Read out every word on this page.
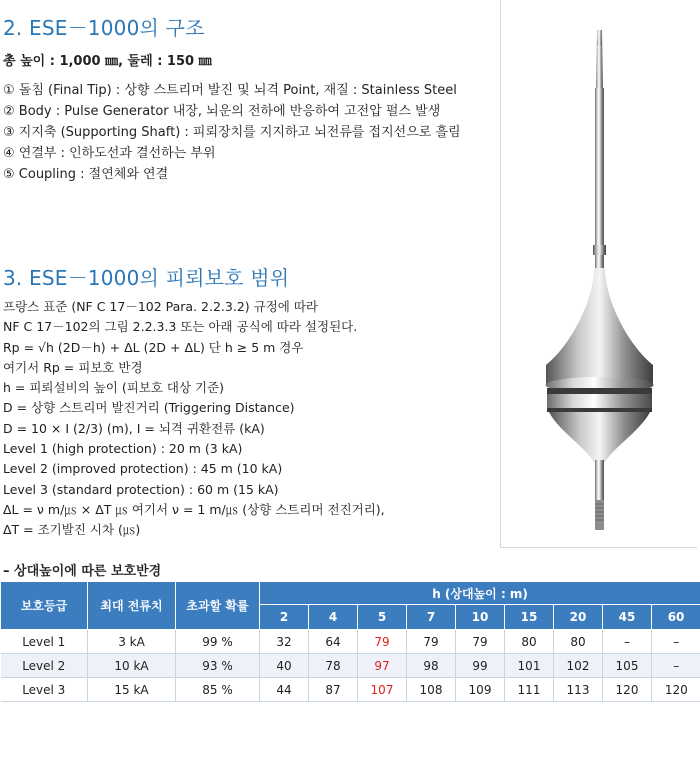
2. ESE－1000의 구조
총 높이 : 1,000 ㎜, 둘레 : 150 ㎜
① 돌침 (Final Tip) : 상향 스트리머 발진 및 뇌격 Point, 재질 : Stainless Steel
② Body : Pulse Generator 내장, 뇌운의 전하에 반응하여 고전압 펄스 발생
③ 지지축 (Supporting Shaft) : 피뢰장치를 지지하고 뇌전류를 접지선으로 흘림
④ 연결부 : 인하도선과 결선하는 부위
⑤ Coupling : 절연체와 연결
3. ESE－1000의 피뢰보호 범위
프랑스 표준 (NF C 17－102 Para. 2.2.3.2) 규정에 따라
NF C 17－102의 그림 2.2.3.3 또는 아래 공식에 따라 설정된다.
Rp = √h (2D－h) + ΔL (2D + ΔL) 단 h ≥ 5 m 경우
여기서 Rp = 피보호 반경
h = 피뢰설비의 높이 (피보호 대상 기준)
D = 상향 스트리머 발진거리 (Triggering Distance)
D = 10 × I (2/3) (m), I = 뇌격 귀환전류 (kA)
Level 1 (high protection) : 20 m (3 kA)
Level 2 (improved protection) : 45 m (10 kA)
Level 3 (standard protection) : 60 m (15 kA)
ΔL = ν m/㎲ × ΔT ㎲ 여기서 ν = 1 m/㎲ (상향 스트리머 전진거리),
ΔT = 조기발진 시차 (㎲)
– 상대높이에 따른 보호반경
보호등급	최대 전류치	초과할 확률	h (상대높이 : m)								
			2	4	5	7	10	15	20	45	60
Level 1	3 kA	99 %	32	64	79	79	79	80	80	–	–
Level 2	10 kA	93 %	40	78	97	98	99	101	102	105	–
Level 3	15 kA	85 %	44	87	107	108	109	111	113	120	120
